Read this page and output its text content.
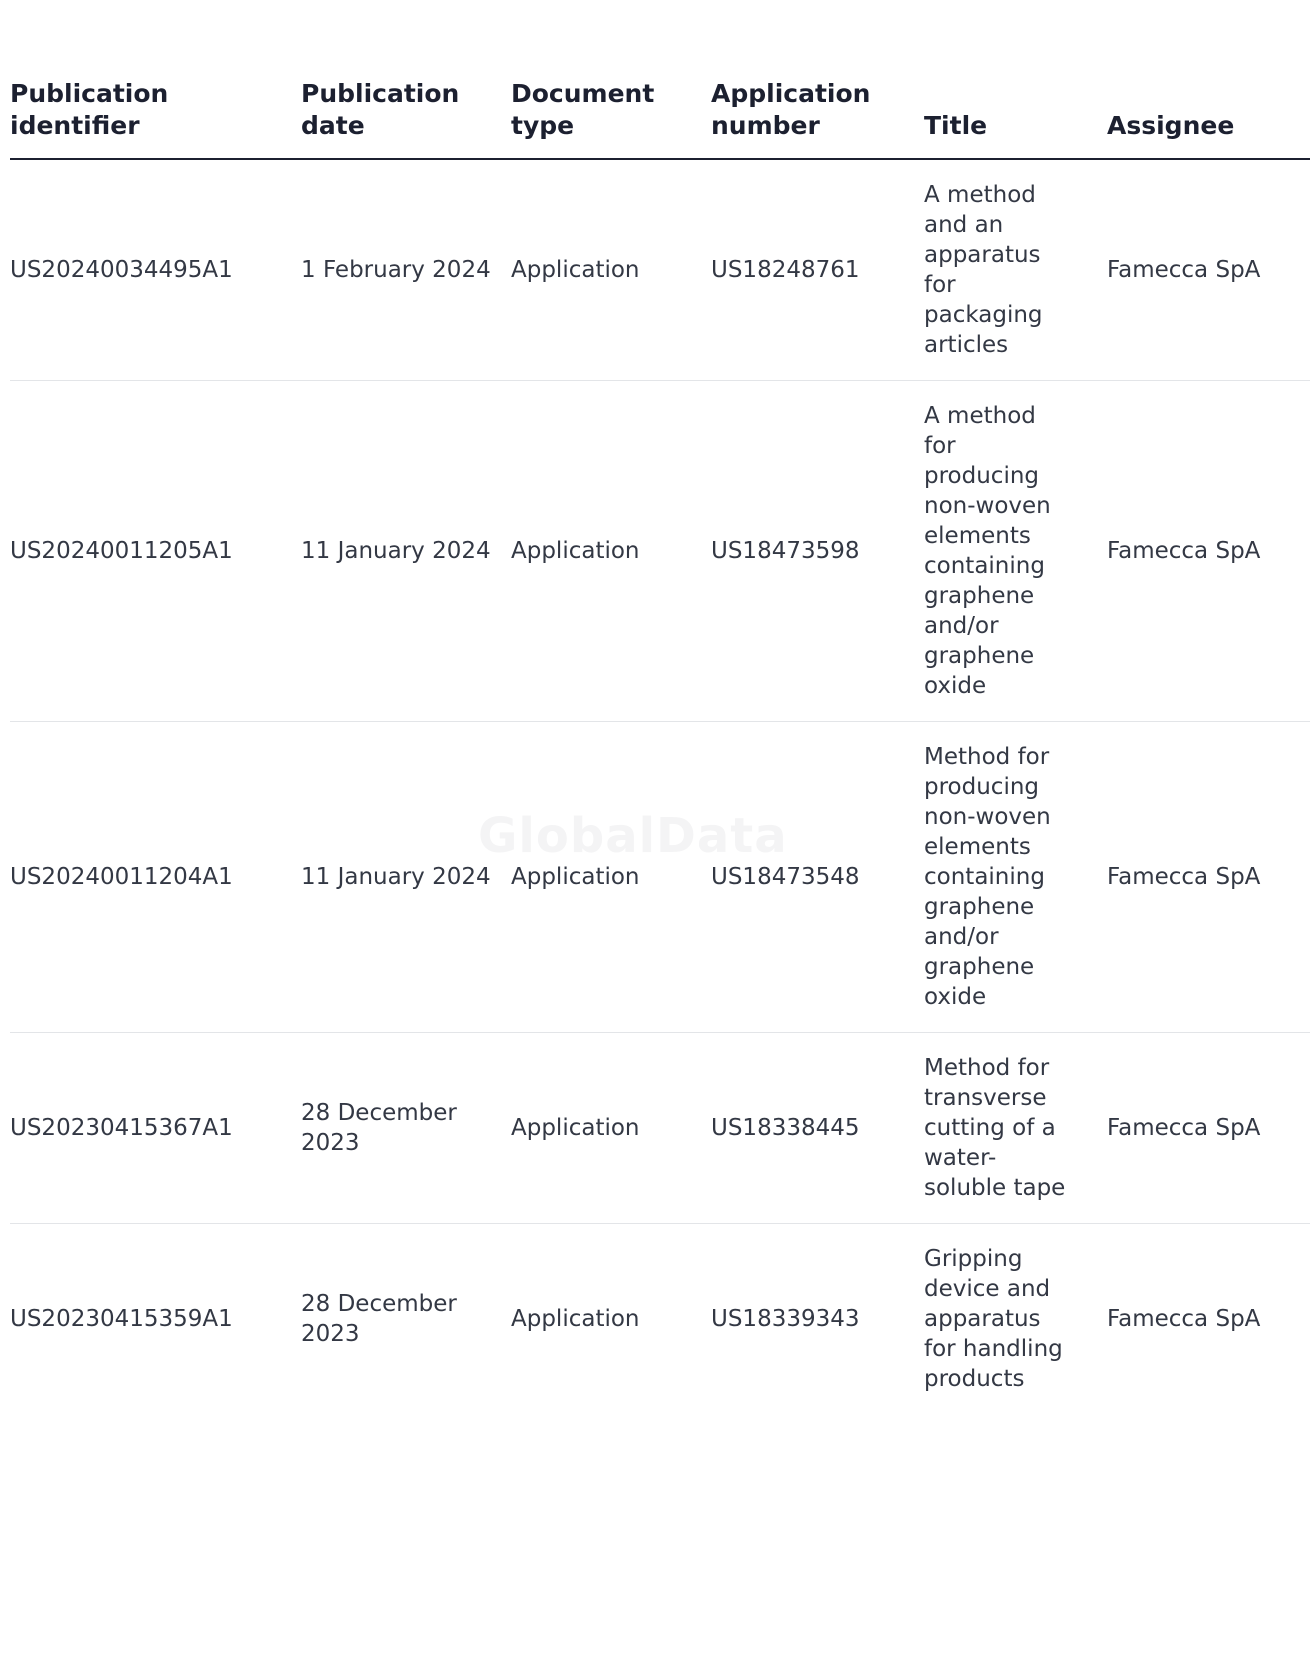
GlobalData
Publication identifier	Publication date	Document type	Application number	Title	Assignee
US20240034495A1	1 February 2024	Application	US18248761	A method and an apparatus for packaging articles	Famecca SpA
US20240011205A1	11 January 2024	Application	US18473598	A method for producing non-woven elements containing graphene and/or graphene oxide	Famecca SpA
US20240011204A1	11 January 2024	Application	US18473548	Method for producing non-woven elements containing graphene and/or graphene oxide	Famecca SpA
US20230415367A1	28 December 2023	Application	US18338445	Method for transverse cutting of a water-soluble tape	Famecca SpA
US20230415359A1	28 December 2023	Application	US18339343	Gripping device and apparatus for handling products	Famecca SpA
